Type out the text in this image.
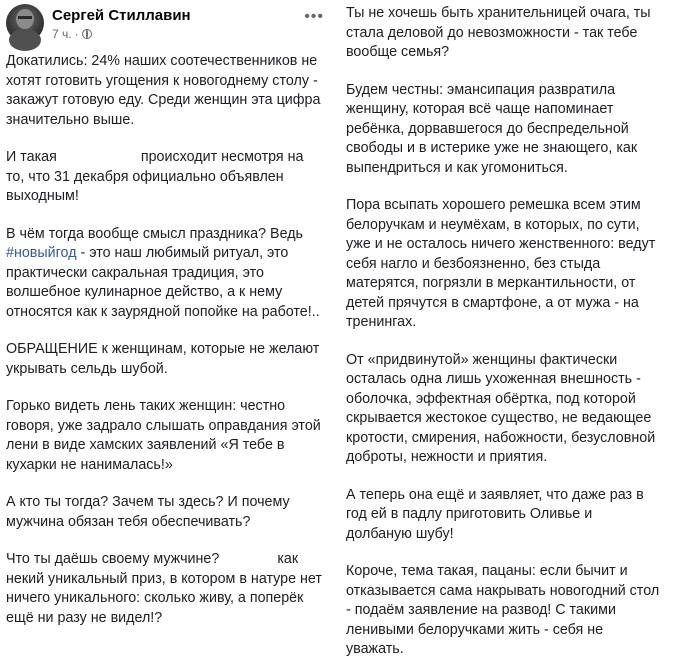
Сергей Стиллавин
7 ч. ·
•••

Докатились: 24% наших соотечественников не хотят готовить угощения к новогоднему столу - закажут готовую еду. Среди женщин эта цифра значительно выше.

И такая	происходит несмотря на то, что 31 декабря официально объявлен выходным!

В чём тогда вообще смысл праздника? Ведь #новыйгод - это наш любимый ритуал, это практически сакральная традиция, это волшебное кулинарное действо, а к нему относятся как к заурядной попойке на работе!..

ОБРАЩЕНИЕ к женщинам, которые не желают укрывать сельдь шубой.

Горько видеть лень таких женщин: честно говоря, уже задрало слышать оправдания этой лени в виде хамских заявлений «Я тебе в кухарки не нанималась!»

А кто ты тогда? Зачем ты здесь? И почему мужчина обязан тебя обеспечивать?

Что ты даёшь своему мужчине?	как некий уникальный приз, в котором в натуре нет ничего уникального: сколько живу, а поперёк ещё ни разу не видел!?

Ты не хочешь быть хранительницей очага, ты стала деловой до невозможности - так тебе вообще семья?

Будем честны: эмансипация развратила женщину, которая всё чаще напоминает ребёнка, дорвавшегося до беспредельной свободы и в истерике уже не знающего, как выпендриться и как угомониться.

Пора всыпать хорошего ремешка всем этим белоручкам и неумёхам, в которых, по сути, уже и не осталось ничего женственного: ведут себя нагло и безбоязненно, без стыда матерятся, погрязли в меркантильности, от детей прячутся в смартфоне, а от мужа - на тренингах.

От «придвинутой» женщины фактически осталась одна лишь ухоженная внешность - оболочка, эффектная обёртка, под которой скрывается жестокое существо, не ведающее кротости, смирения, набожности, безусловной доброты, нежности и приятия.

А теперь она ещё и заявляет, что даже раз в год ей в падлу приготовить Оливье и долбаную шубу!

Короче, тема такая, пацаны: если бычит и отказывается сама накрывать новогодний стол - подаём заявление на развод! С такими ленивыми белоручками жить - себя не уважать.
